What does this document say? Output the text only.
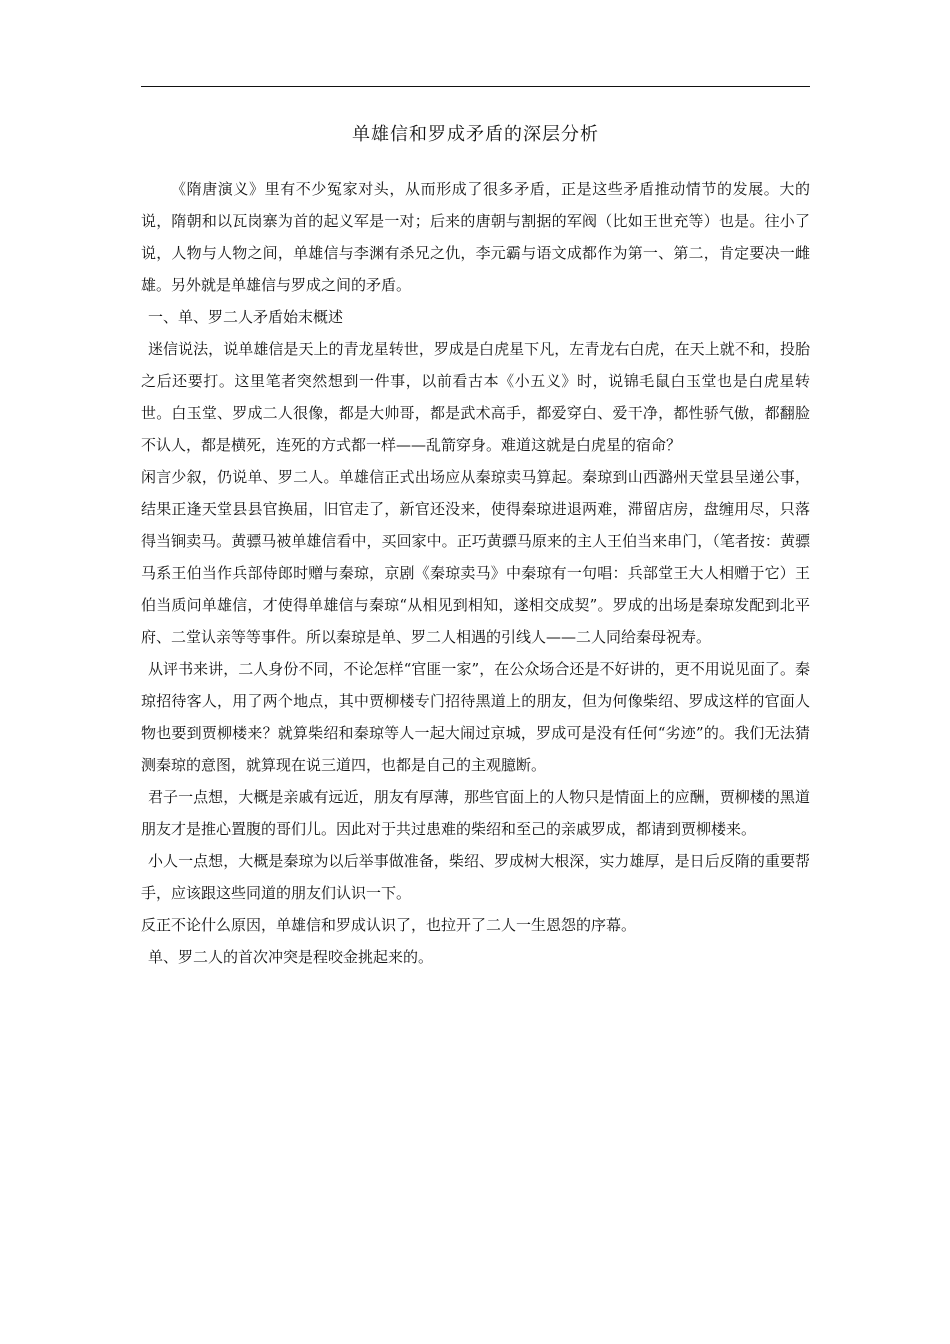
单雄信和罗成矛盾的深层分析

《隋唐演义》里有不少冤家对头，从而形成了很多矛盾，正是这些矛盾推动情节的发展。大的说，隋朝和以瓦岗寨为首的起义军是一对；后来的唐朝与割据的军阀（比如王世充等）也是。往小了说，人物与人物之间，单雄信与李渊有杀兄之仇，李元霸与语文成都作为第一、第二，肯定要决一雌雄。另外就是单雄信与罗成之间的矛盾。

一、单、罗二人矛盾始末概述

迷信说法，说单雄信是天上的青龙星转世，罗成是白虎星下凡，左青龙右白虎，在天上就不和，投胎之后还要打。这里笔者突然想到一件事，以前看古本《小五义》时，说锦毛鼠白玉堂也是白虎星转世。白玉堂、罗成二人很像，都是大帅哥，都是武术高手，都爱穿白、爱干净，都性骄气傲，都翻脸不认人，都是横死，连死的方式都一样——乱箭穿身。难道这就是白虎星的宿命？

闲言少叙，仍说单、罗二人。单雄信正式出场应从秦琼卖马算起。秦琼到山西潞州天堂县呈递公事，结果正逢天堂县县官换届，旧官走了，新官还没来，使得秦琼进退两难，滞留店房，盘缠用尽，只落得当锏卖马。黄骠马被单雄信看中，买回家中。正巧黄骠马原来的主人王伯当来串门，（笔者按：黄骠马系王伯当作兵部侍郎时赠与秦琼，京剧《秦琼卖马》中秦琼有一句唱：兵部堂王大人相赠于它）王伯当质问单雄信，才使得单雄信与秦琼“从相见到相知，遂相交成契”。罗成的出场是秦琼发配到北平府、二堂认亲等等事件。所以秦琼是单、罗二人相遇的引线人——二人同给秦母祝寿。

从评书来讲，二人身份不同，不论怎样“官匪一家”，在公众场合还是不好讲的，更不用说见面了。秦琼招待客人，用了两个地点，其中贾柳楼专门招待黑道上的朋友，但为何像柴绍、罗成这样的官面人物也要到贾柳楼来？就算柴绍和秦琼等人一起大闹过京城，罗成可是没有任何“劣迹”的。我们无法猜测秦琼的意图，就算现在说三道四，也都是自己的主观臆断。

君子一点想，大概是亲戚有远近，朋友有厚薄，那些官面上的人物只是情面上的应酬，贾柳楼的黑道朋友才是推心置腹的哥们儿。因此对于共过患难的柴绍和至己的亲戚罗成，都请到贾柳楼来。

小人一点想，大概是秦琼为以后举事做准备，柴绍、罗成树大根深，实力雄厚，是日后反隋的重要帮手，应该跟这些同道的朋友们认识一下。

反正不论什么原因，单雄信和罗成认识了，也拉开了二人一生恩怨的序幕。

单、罗二人的首次冲突是程咬金挑起来的。
